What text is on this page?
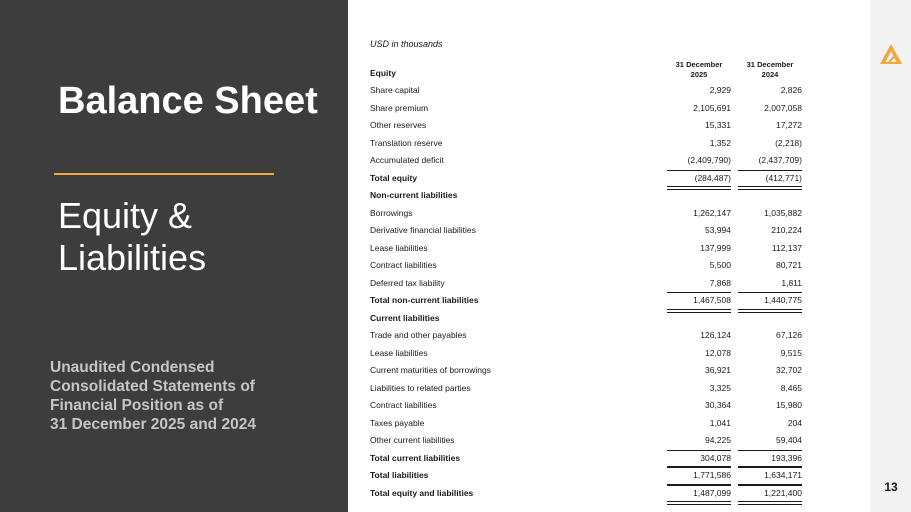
Balance Sheet
Equity & Liabilities
Unaudited Condensed
Consolidated Statements of
Financial Position as of
31 December 2025 and 2024
13
USD in thousands
Equity
31 December
2025
31 December
2024
Share capital	2,929	2,826
Share premium	2,105,691	2,007,058
Other reserves	15,331	17,272
Translation reserve	1,352	(2,218)
Accumulated deficit	(2,409,790)	(2,437,709)
Total equity	(284,487)	(412,771)
Non-current liabilities
Borrowings	1,262,147	1,035,882
Derivative financial liabilities	53,994	210,224
Lease liabilities	137,999	112,137
Contract liabilities	5,500	80,721
Deferred tax liability	7,868	1,811
Total non-current liabilities	1,467,508	1,440,775
Current liabilities
Trade and other payables	126,124	67,126
Lease liabilities	12,078	9,515
Current maturities of borrowings	36,921	32,702
Liabilities to related parties	3,325	8,465
Contract liabilities	30,364	15,980
Taxes payable	1,041	204
Other current liabilities	94,225	59,404
Total current liabilities	304,078	193,396
Total liabilities	1,771,586	1,634,171
Total equity and liabilities	1,487,099	1,221,400
